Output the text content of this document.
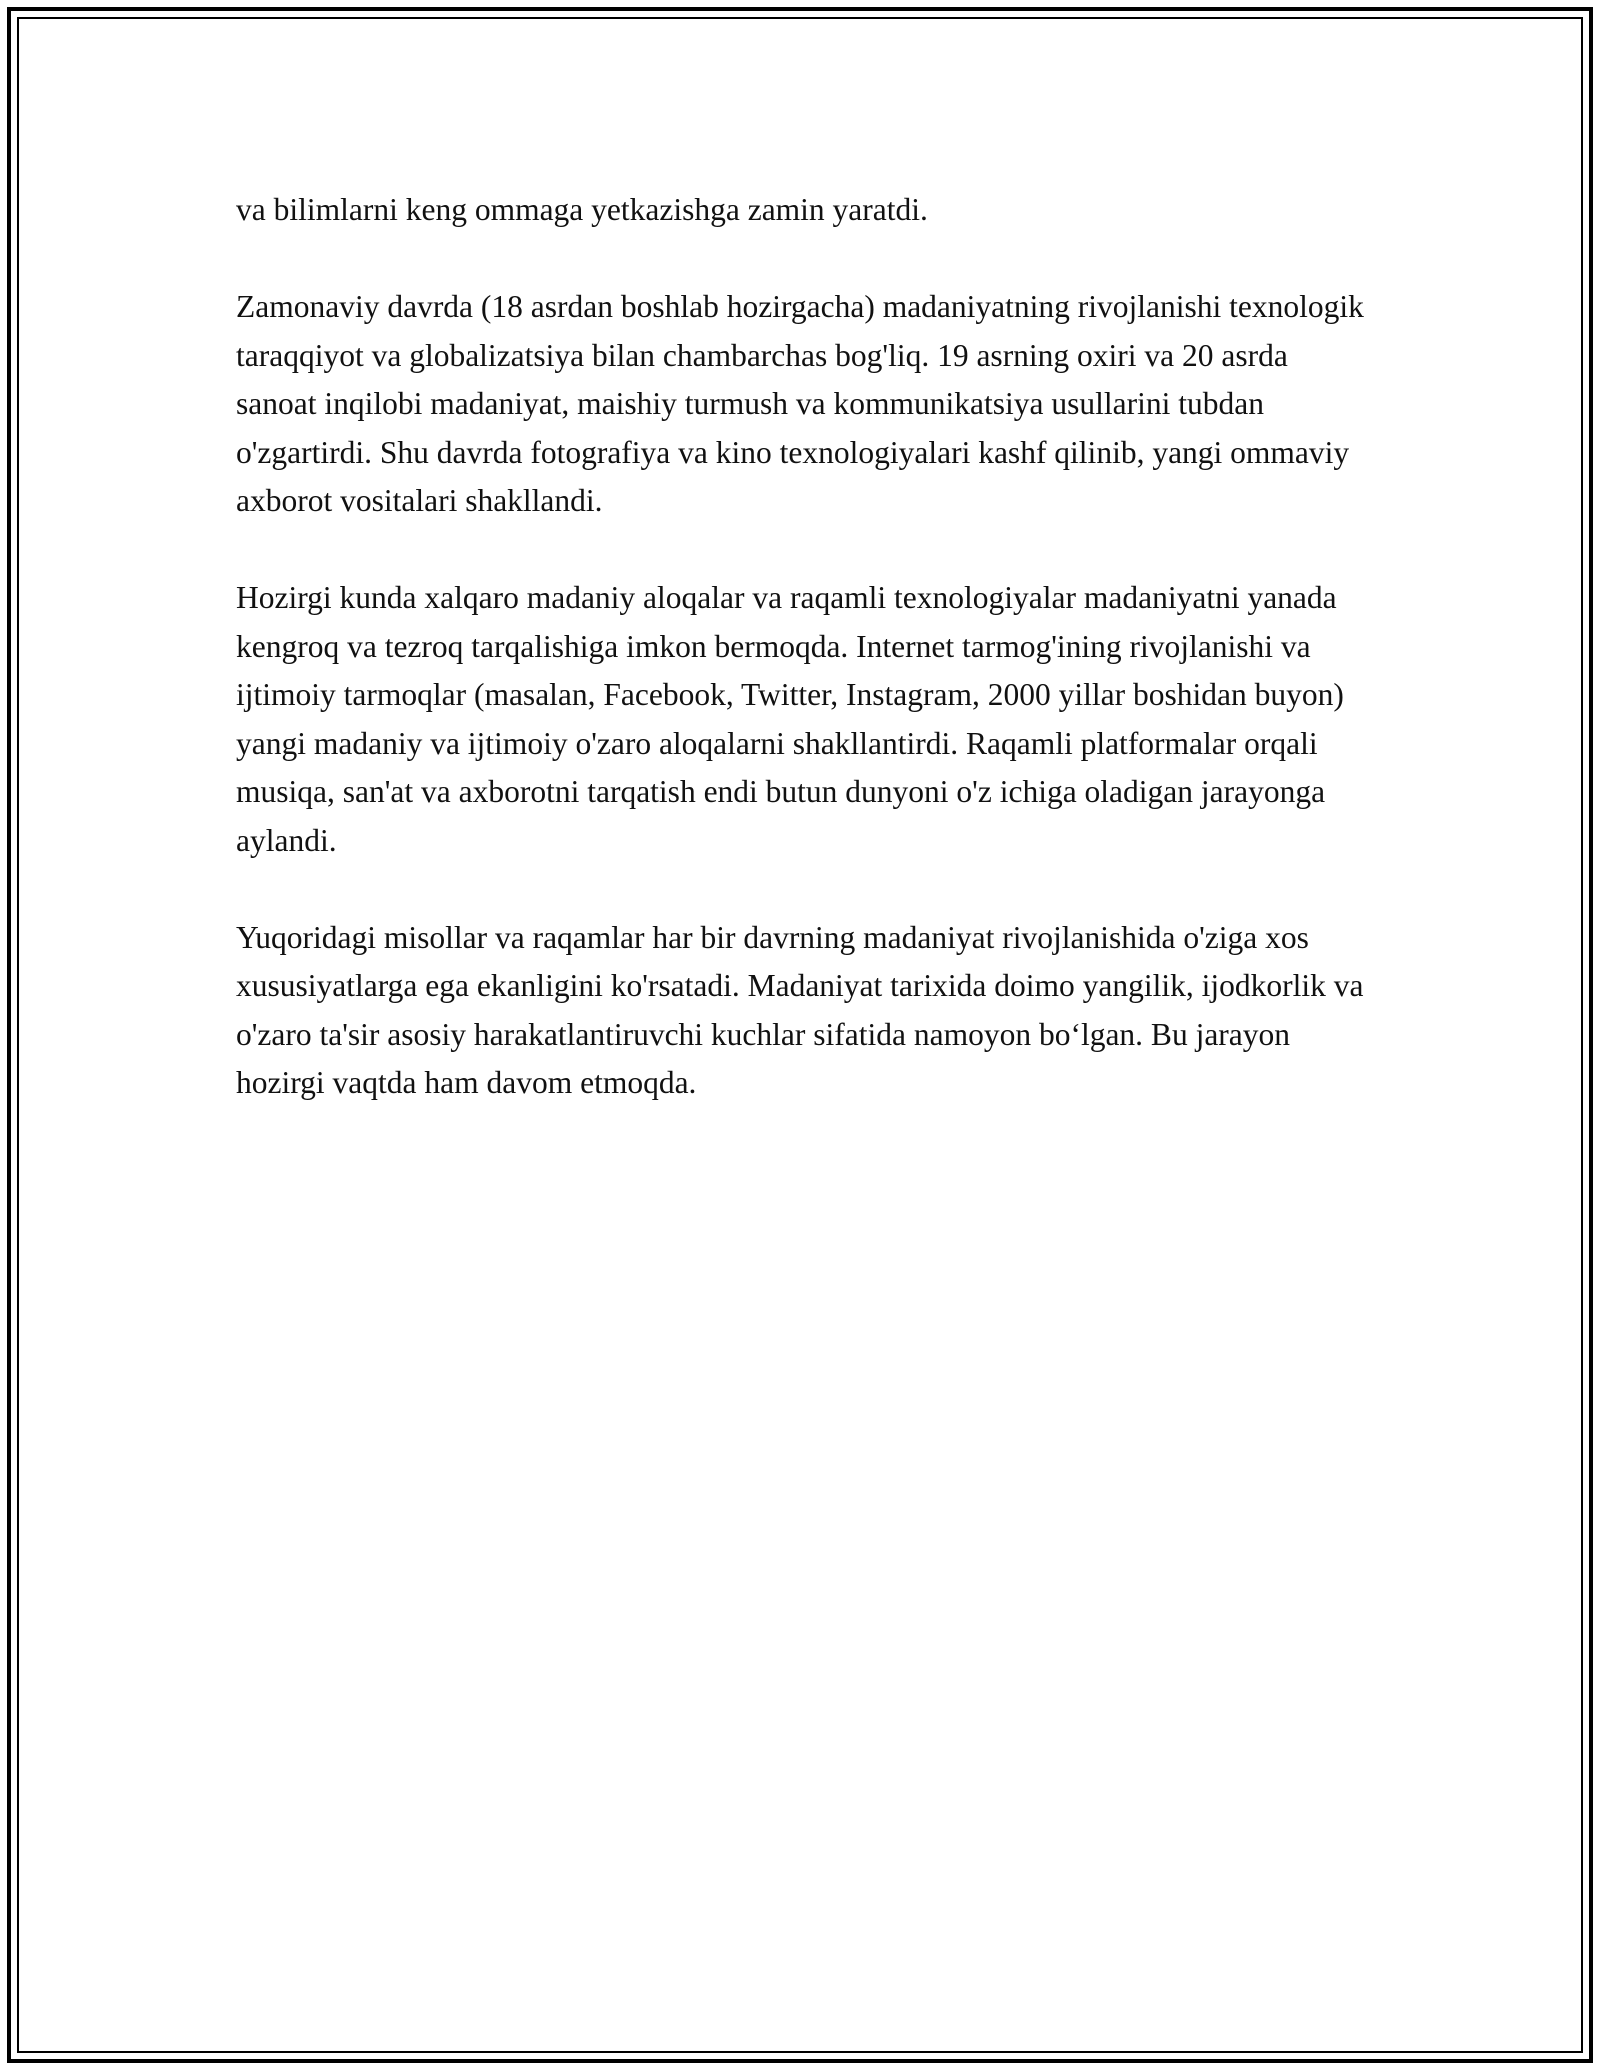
va bilimlarni keng ommaga yetkazishga zamin yaratdi.

Zamonaviy davrda (18 asrdan boshlab hozirgacha) madaniyatning rivojlanishi texnologik taraqqiyot va globalizatsiya bilan chambarchas bog'liq. 19 asrning oxiri va 20 asrda sanoat inqilobi madaniyat, maishiy turmush va kommunikatsiya usullarini tubdan o'zgartirdi. Shu davrda fotografiya va kino texnologiyalari kashf qilinib, yangi ommaviy axborot vositalari shakllandi.

Hozirgi kunda xalqaro madaniy aloqalar va raqamli texnologiyalar madaniyatni yanada kengroq va tezroq tarqalishiga imkon bermoqda. Internet tarmog'ining rivojlanishi va ijtimoiy tarmoqlar (masalan, Facebook, Twitter, Instagram, 2000 yillar boshidan buyon) yangi madaniy va ijtimoiy o'zaro aloqalarni shakllantirdi. Raqamli platformalar orqali musiqa, san'at va axborotni tarqatish endi butun dunyoni o'z ichiga oladigan jarayonga aylandi.

Yuqoridagi misollar va raqamlar har bir davrning madaniyat rivojlanishida o'ziga xos xususiyatlarga ega ekanligini ko'rsatadi. Madaniyat tarixida doimo yangilik, ijodkorlik va o'zaro ta'sir asosiy harakatlantiruvchi kuchlar sifatida namoyon bo‘lgan. Bu jarayon hozirgi vaqtda ham davom etmoqda.
